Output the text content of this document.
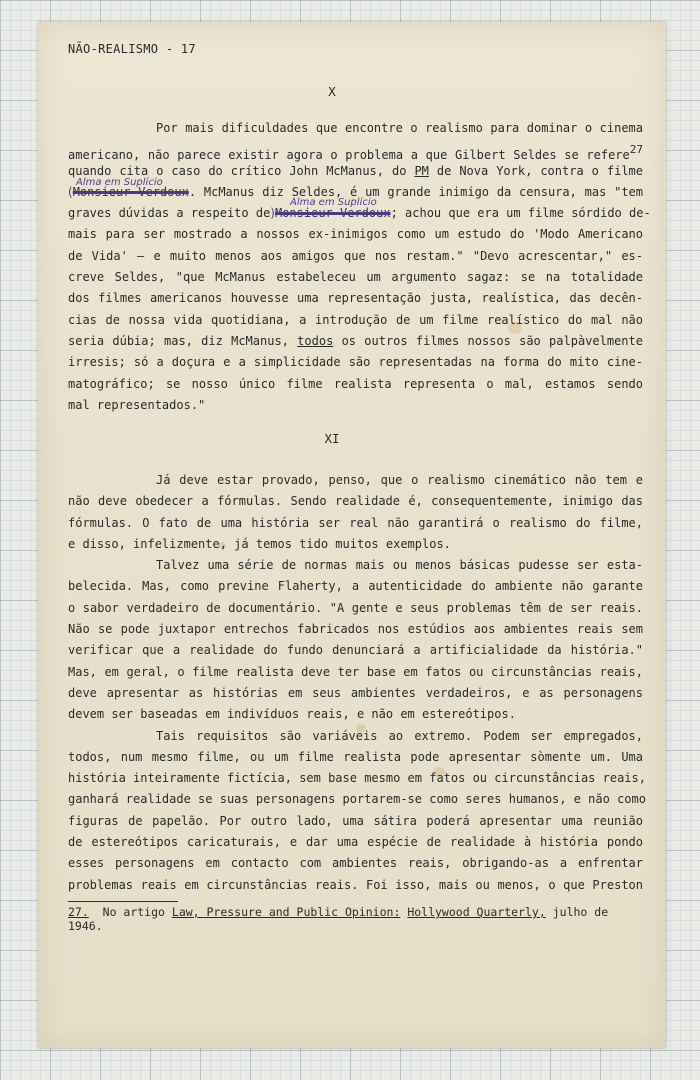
NÃO-REALISMO - 17
X
Por mais dificuldades que encontre o realismo para dominar o cinema
americano, não parece existir agora o problema a que Gilbert Seldes se refere27
quando cita o caso do crítico John McManus, do PM de Nova York, contra o filme
Alma em Suplício
(Monsieur Verdoux. McManus diz Seldes, é um grande inimigo da censura, mas "tem
graves dúvidas a respeito de
Alma em Suplício
)Monsieur Verdoux; achou que era um filme sórdido de-
mais para ser mostrado a nossos ex-inimigos como um estudo do 'Modo Americano
de Vida' — e muito menos aos amigos que nos restam." "Devo acrescentar," es-
creve Seldes, "que McManus estabeleceu um argumento sagaz: se na totalidade
dos filmes americanos houvesse uma representação justa, realística, das decên-
cias de nossa vida quotidiana, a introdução de um filme realístico do mal não
seria dúbia; mas, diz McManus, todos os outros filmes nossos são palpàvelmente
irresis; só a doçura e a simplicidade são representadas na forma do mito cine-
matográfico; se nosso único filme realista representa o mal, estamos sendo
mal representados."
XI
Já deve estar provado, penso, que o realismo cinemático não tem e
não deve obedecer a fórmulas. Sendo realidade é, consequentemente, inimigo das
fórmulas. O fato de uma história ser real não garantirá o realismo do filme,
e disso, infelizmente, já temos tido muitos exemplos.
Talvez uma série de normas mais ou menos básicas pudesse ser esta-
belecida. Mas, como previne Flaherty, a autenticidade do ambiente não garante
o sabor verdadeiro de documentário. "A gente e seus problemas têm de ser reais.
Não se pode juxtapor entrechos fabricados nos estúdios aos ambientes reais sem
verificar que a realidade do fundo denunciará a artificialidade da história."
Mas, em geral, o filme realista deve ter base em fatos ou circunstâncias reais,
deve apresentar as histórias em seus ambientes verdadeiros, e as personagens
devem ser baseadas em indivíduos reais, e não em estereótipos.
Tais requisitos são variáveis ao extremo. Podem ser empregados,
todos, num mesmo filme, ou um filme realista pode apresentar sòmente um. Uma
história inteiramente fictícia, sem base mesmo em fatos ou circunstâncias reais,
ganhará realidade se suas personagens portarem-se como seres humanos, e não como
figuras de papelão. Por outro lado, uma sátira poderá apresentar uma reunião
de estereótipos caricaturais, e dar uma espécie de realidade à história pondo
esses personagens em contacto com ambientes reais, obrigando-as a enfrentar
problemas reais em circunstâncias reais. Foi isso, mais ou menos, o que Preston
27. No artigo Law, Pressure and Public Opinion: Hollywood Quarterly, julho de
1946.
